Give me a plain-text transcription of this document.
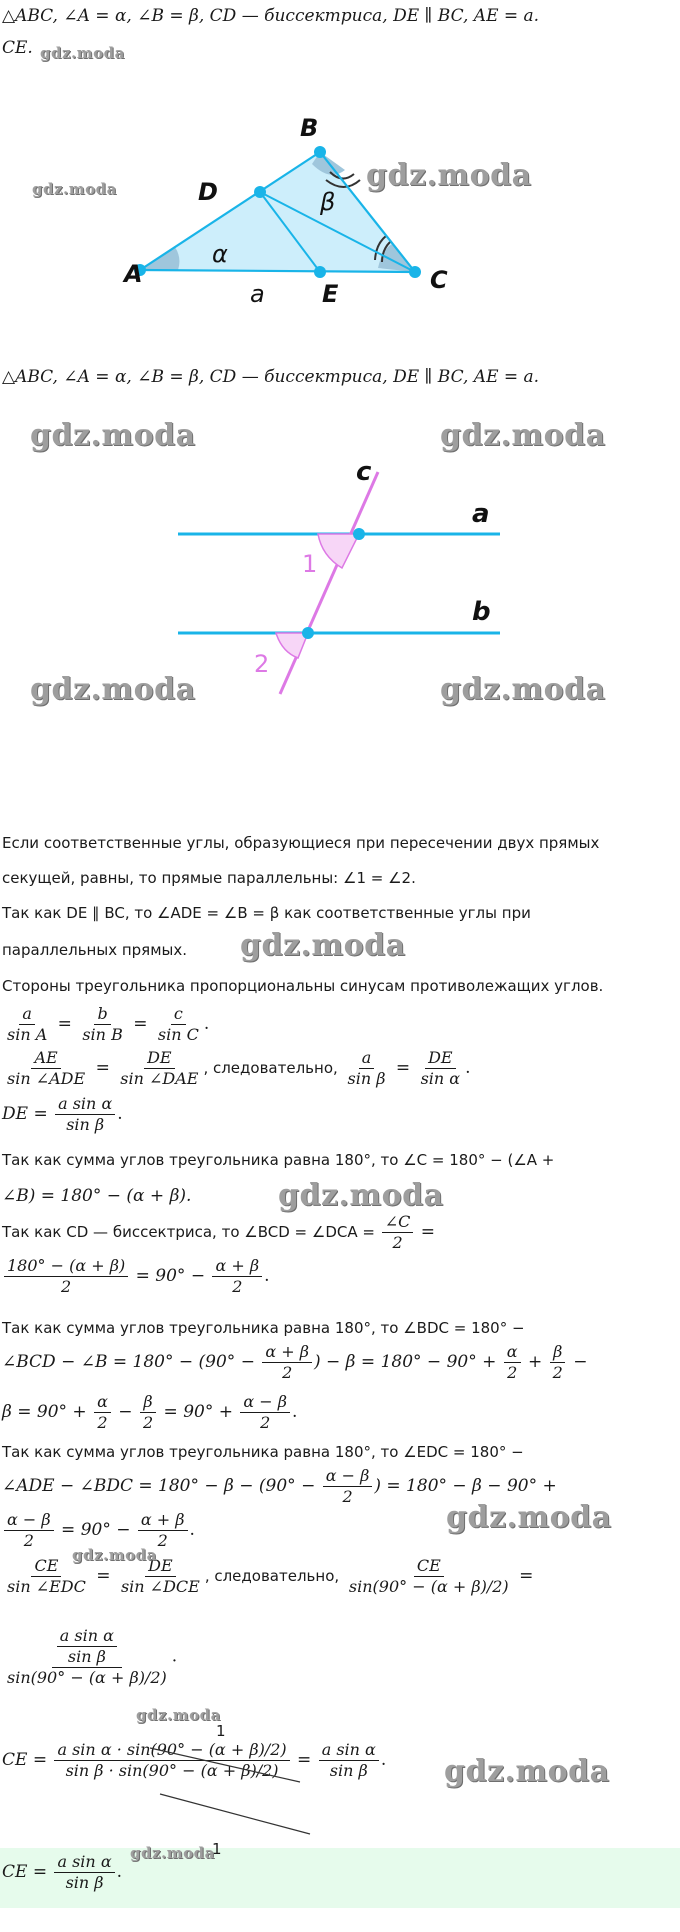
△ABC, ∠A = α, ∠B = β, CD — биссектриса, DE ∥ BC, AE = a.
CE. gdz.moda
A
B
C
D
E
α
β
a
gdz.moda	gdz.moda
△ABC, ∠A = α, ∠B = β, CD — биссектриса, DE ∥ BC, AE = a.
gdz.moda	gdz.moda
c
a
b
1
2
gdz.moda	gdz.moda
Если соответственные углы, образующиеся при пересечении двух прямых
секущей, равны, то прямые параллельны: ∠1 = ∠2.
Так как DE ∥ BC, то ∠ADE = ∠B = β как соответственные углы при
параллельных прямых. gdz.moda
Стороны треугольника пропорциональны синусам противолежащих углов.
$\frac{a}{\text{sin A}} = \frac{b}{\text{sin B}} = \frac{c}{\text{sin C}}$ .
$\frac{AE}{\text{sin ∠ADE}} = \frac{DE}{\text{sin ∠DAE}}$ , следовательно, $\frac{a}{\text{sin β}} = \frac{DE}{\text{sin α}}$ .
DE = $\frac{\text{a sin α}}{\text{sin β}}$ .
Так как сумма углов треугольника равна 180°, то ∠C = 180° − (∠A +
∠B) = 180° − (α + β).	gdz.moda
Так как CD — биссектриса, то ∠BCD = ∠DCA = $\frac{\angle C}{2}$ =
$\frac{180^\circ - (\alpha + \beta)}{2} = 90^\circ - \frac{\alpha + \beta}{2}$ .
Так как сумма углов треугольника равна 180°, то ∠BDC = 180° −
∠BCD − ∠B = $180^\circ - (90^\circ - \frac{\alpha + \beta}{2}$ ) − $\beta = 180^\circ - 90^\circ + \frac{\alpha}{2} + \frac{\beta}{2}$ −
$\beta = 90^\circ + \frac{\alpha}{2} - \frac{\beta}{2} = 90^\circ + \frac{\alpha - \beta}{2}$ .
Так как сумма углов треугольника равна 180°, то ∠EDC = 180° −
∠ADE − ∠BDC = $180^\circ - \beta - (90^\circ - \frac{\alpha - \beta}{2}$ ) = 180° − β − 90° +
$\frac{\alpha - \beta}{2} = 90^\circ - \frac{\alpha + \beta}{2}$ .	gdz.moda
$\frac{CE}{\text{sin ∠EDC}} = \frac{DE}{\text{sin ∠DCE}}$ , следовательно, $\frac{CE}{\sin(90^\circ - (\alpha + \beta)/2)}$ =
gdz.moda
$\frac{\frac{\text{a sin α}}{\text{sin β}}}{\sin(90^\circ - (\alpha + \beta)/2)}$ .
gdz.moda
1
CE = $\frac{\text{a sin α · sin(90° − (α + β)/2)}}{\text{sin β · sin(90° − (α + β)/2)}} = \frac{\text{a sin α}}{\text{sin β}}$ . gdz.moda
CE = $\frac{\text{a sin α}}{\text{sin β}}$ .
gdz.moda
1
